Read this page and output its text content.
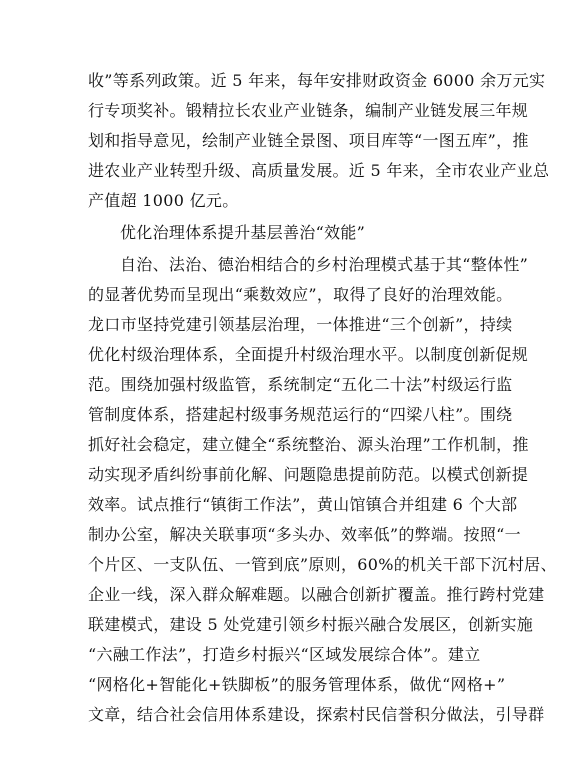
收”等系列政策。近 5 年来，每年安排财政资金 6000 余万元实
行专项奖补。锻精拉长农业产业链条，编制产业链发展三年规
划和指导意见，绘制产业链全景图、项目库等“一图五库”，推
进农业产业转型升级、高质量发展。近 5 年来，全市农业产业总
产值超 1000 亿元。
优化治理体系提升基层善治“效能”
自治、法治、德治相结合的乡村治理模式基于其“整体性”
的显著优势而呈现出“乘数效应”，取得了良好的治理效能。
龙口市坚持党建引领基层治理，一体推进“三个创新”，持续
优化村级治理体系，全面提升村级治理水平。以制度创新促规
范。围绕加强村级监管，系统制定“五化二十法”村级运行监
管制度体系，搭建起村级事务规范运行的“四梁八柱”。围绕
抓好社会稳定，建立健全“系统整治、源头治理”工作机制，推
动实现矛盾纠纷事前化解、问题隐患提前防范。以模式创新提
效率。试点推行“镇街工作法”，黄山馆镇合并组建 6 个大部
制办公室，解决关联事项“多头办、效率低”的弊端。按照“一
个片区、一支队伍、一管到底”原则，60%的机关干部下沉村居、
企业一线，深入群众解难题。以融合创新扩覆盖。推行跨村党建
联建模式，建设 5 处党建引领乡村振兴融合发展区，创新实施
“六融工作法”，打造乡村振兴“区域发展综合体”。建立
“网格化+智能化+铁脚板”的服务管理体系，做优“网格+”
文章，结合社会信用体系建设，探索村民信誉积分做法，引导群
